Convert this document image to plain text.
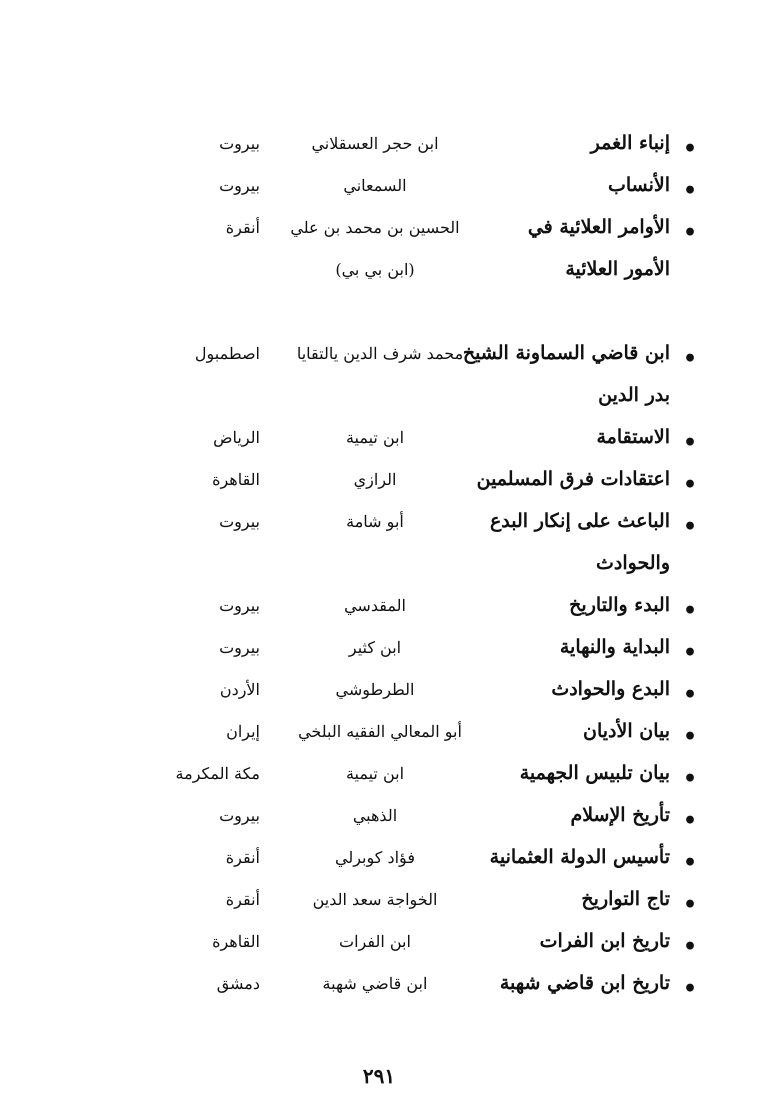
•
إنباء الغمر
ابن حجر العسقلاني
بيروت
•
الأنساب
السمعاني
بيروت
•
الأوامر العلائية في
الحسين بن محمد بن علي
أنقرة
الأمور العلائية
(ابن بي بي)
•
ابن قاضي السماونة الشيخ
محمد شرف الدين يالتقايا
اصطمبول
بدر الدين
•
الاستقامة
ابن تيمية
الرياض
•
اعتقادات فرق المسلمين
الرازي
القاهرة
•
الباعث على إنكار البدع
أبو شامة
بيروت
والحوادث
•
البدء والتاريخ
المقدسي
بيروت
•
البداية والنهاية
ابن كثير
بيروت
•
البدع والحوادث
الطرطوشي
الأردن
•
بيان الأديان
أبو المعالي الفقيه البلخي
إيران
•
بيان تلبيس الجهمية
ابن تيمية
مكة المكرمة
•
تأريخ الإسلام
الذهبي
بيروت
•
تأسيس الدولة العثمانية
فؤاد كوبرلي
أنقرة
•
تاج التواريخ
الخواجة سعد الدين
أنقرة
•
تاريخ ابن الفرات
ابن الفرات
القاهرة
•
تاريخ ابن قاضي شهبة
ابن قاضي شهبة
دمشق
٢٩١
